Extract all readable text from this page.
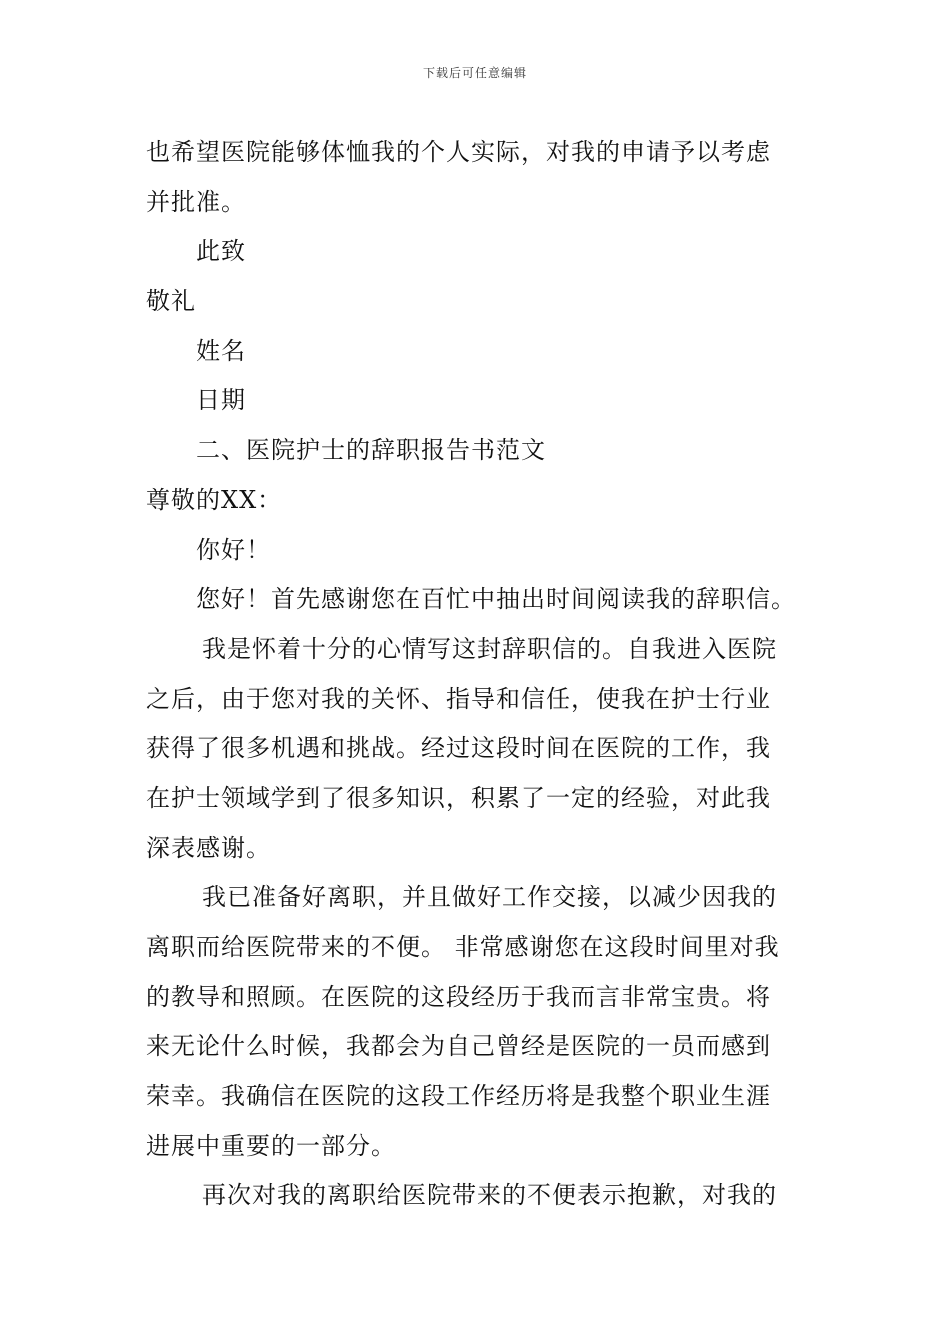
下载后可任意编辑
也希望医院能够体恤我的个人实际，对我的申请予以考虑
并批准。
此致
敬礼
姓名
日期
二、医院护士的辞职报告书范文
尊敬的XX：
你好！
您好！首先感谢您在百忙中抽出时间阅读我的辞职信。
我是怀着十分的心情写这封辞职信的。自我进入医院
之后，由于您对我的关怀、指导和信任，使我在护士行业
获得了很多机遇和挑战。经过这段时间在医院的工作，我
在护士领域学到了很多知识，积累了一定的经验，对此我
深表感谢。
我已准备好离职，并且做好工作交接，以减少因我的
离职而给医院带来的不便。 非常感谢您在这段时间里对我
的教导和照顾。在医院的这段经历于我而言非常宝贵。将
来无论什么时候，我都会为自己曾经是医院的一员而感到
荣幸。我确信在医院的这段工作经历将是我整个职业生涯
进展中重要的一部分。
再次对我的离职给医院带来的不便表示抱歉，对我的
